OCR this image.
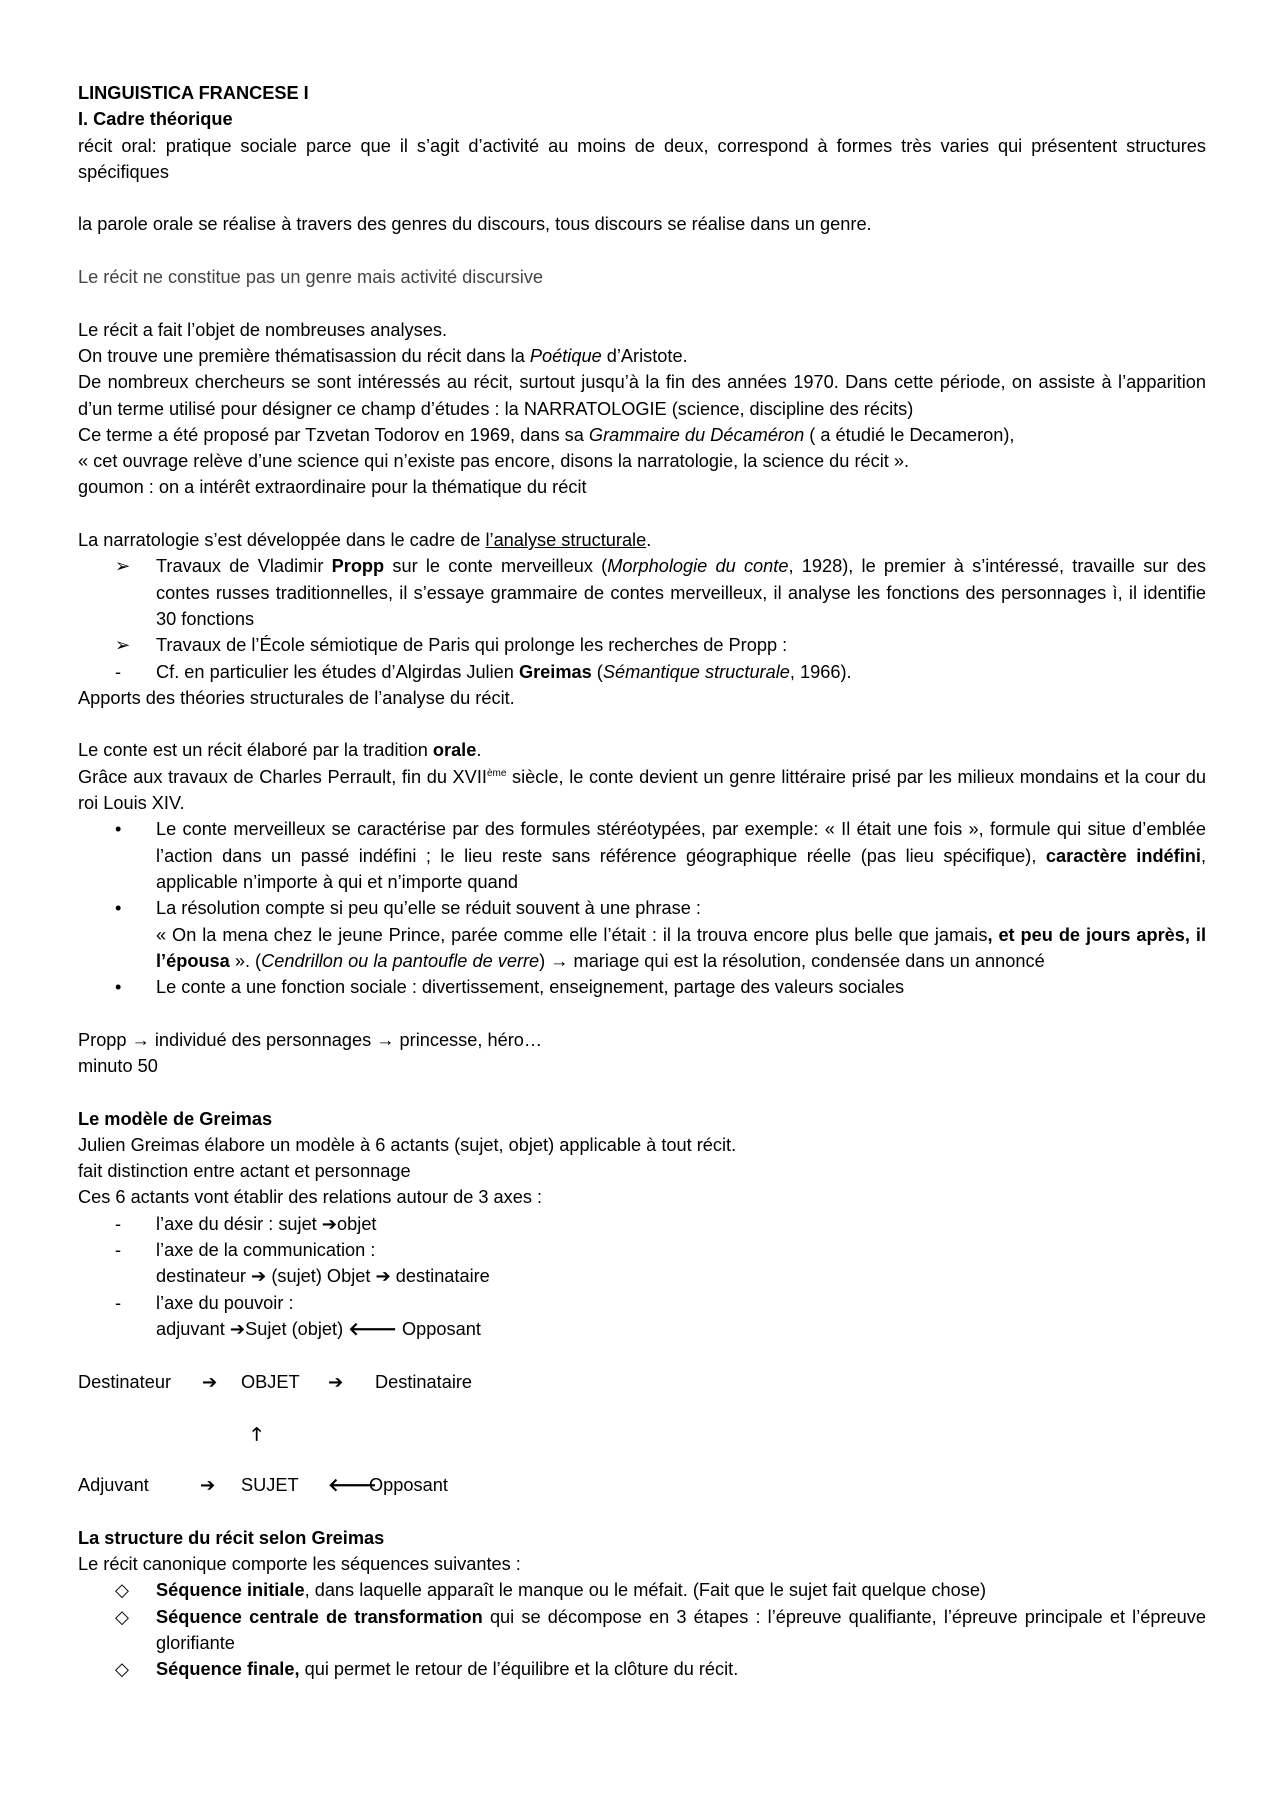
LINGUISTICA FRANCESE I

I. Cadre théorique

récit oral: pratique sociale parce que il s’agit d’activité au moins de deux, correspond à formes très varies qui présentent structures spécifiques

la parole orale se réalise à travers des genres du discours, tous discours se réalise dans un genre.

Le récit ne constitue pas un genre mais activité discursive

Le récit a fait l’objet de nombreuses analyses.

On trouve une première thématisassion du récit dans la Poétique d’Aristote.

De nombreux chercheurs se sont intéressés au récit, surtout jusqu’à la fin des années 1970. Dans cette période, on assiste à l’apparition d’un terme utilisé pour désigner ce champ d’études : la NARRATOLOGIE (science, discipline des récits)

Ce terme a été proposé par Tzvetan Todorov en 1969, dans sa Grammaire du Décaméron ( a étudié le Decameron),

« cet ouvrage relève d’une science qui n’existe pas encore, disons la narratologie, la science du récit ».

goumon : on a intérêt extraordinaire pour la thématique du récit

La narratologie s’est développée dans le cadre de l’analyse structurale.

➢	Travaux de Vladimir Propp sur le conte merveilleux (Morphologie du conte, 1928), le premier à s’intéressé, travaille sur des contes russes traditionnelles, il s’essaye grammaire de contes merveilleux, il analyse les fonctions des personnages ì, il identifie 30 fonctions
➢	Travaux de l’École sémiotique de Paris qui prolonge les recherches de Propp :
-	Cf. en particulier les études d’Algirdas Julien Greimas (Sémantique structurale, 1966).

Apports des théories structurales de l’analyse du récit.

Le conte est un récit élaboré par la tradition orale.

Grâce aux travaux de Charles Perrault, fin du XVIIème siècle, le conte devient un genre littéraire prisé par les milieux mondains et la cour du roi Louis XIV.

•	Le conte merveilleux se caractérise par des formules stéréotypées, par exemple: « Il était une fois », formule qui situe d’emblée l’action dans un passé indéfini ; le lieu reste sans référence géographique réelle (pas lieu spécifique), caractère indéfini, applicable n’importe à qui et n’importe quand
•	La résolution compte si peu qu’elle se réduit souvent à une phrase :
« On la mena chez le jeune Prince, parée comme elle l’était : il la trouva encore plus belle que jamais, et peu de jours après, il l’épousa ». (Cendrillon ou la pantoufle de verre) → mariage qui est la résolution, condensée dans un annoncé
•	Le conte a une fonction sociale : divertissement, enseignement, partage des valeurs sociales

Propp → individué des personnages → princesse, héro…

minuto 50

Le modèle de Greimas

Julien Greimas élabore un modèle à 6 actants (sujet, objet) applicable à tout récit.

fait distinction entre actant et personnage

Ces 6 actants vont établir des relations autour de 3 axes :

-	l’axe du désir : sujet ➔objet
-	l’axe de la communication :

destinateur ➔ (sujet) Objet ➔ destinataire

-	l’axe du pouvoir :

adjuvant ➔Sujet (objet) 🡐 Opposant

Destinateur ➔ OBJET ➔ Destinataire
🡑
Adjuvant	➔ SUJET 🡐
Opposant

La structure du récit selon Greimas

Le récit canonique comporte les séquences suivantes :

◇	Séquence initiale, dans laquelle apparaît le manque ou le méfait. (Fait que le sujet fait quelque chose)
◇	Séquence centrale de transformation qui se décompose en 3 étapes : l’épreuve qualifiante, l’épreuve principale et l’épreuve glorifiante
◇	Séquence finale, qui permet le retour de l’équilibre et la clôture du récit.
